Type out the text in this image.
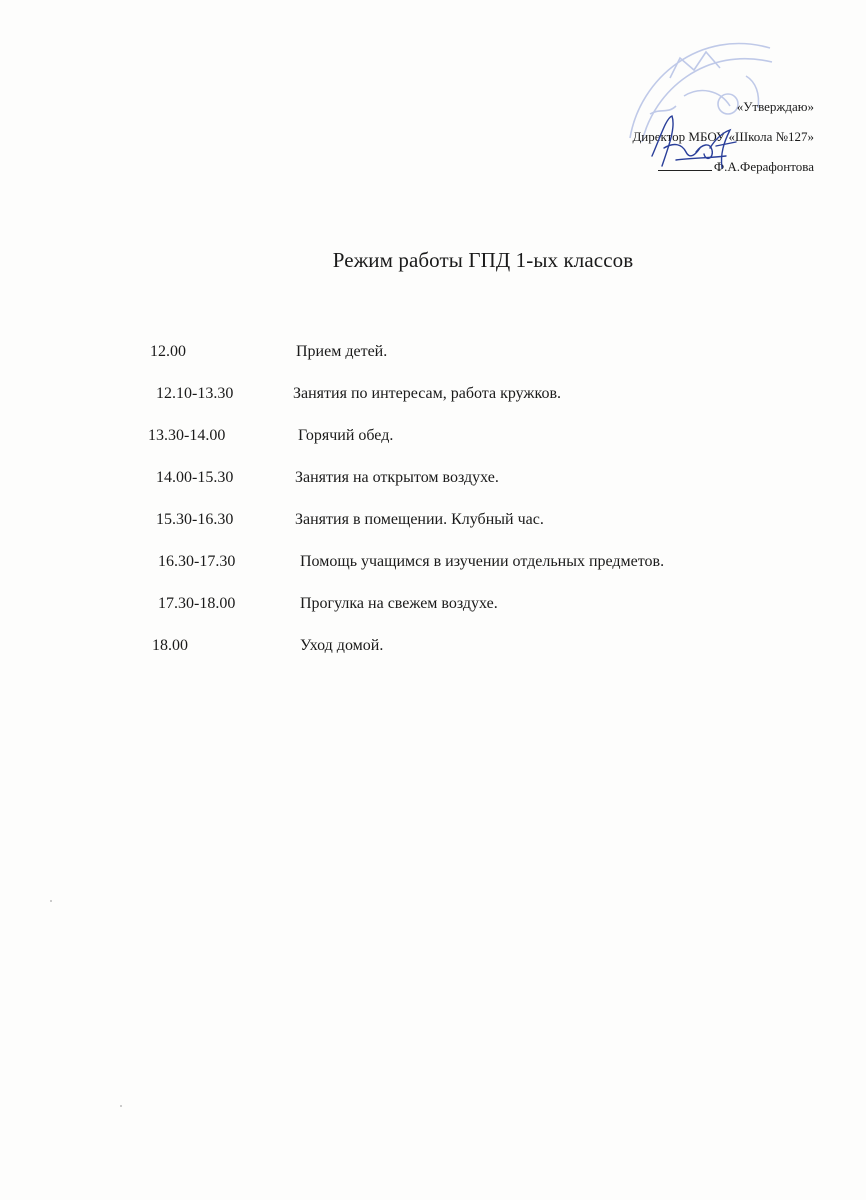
«Утверждаю»
Директор МБОУ «Школа №127»
Ф.А.Ферафонтова
Режим работы ГПД 1-ых классов
12.00	Прием детей.
12.10-13.30	Занятия по интересам, работа кружков.
13.30-14.00	Горячий обед.
14.00-15.30	Занятия на открытом воздухе.
15.30-16.30	Занятия в помещении. Клубный час.
16.30-17.30	Помощь учащимся в изучении отдельных предметов.
17.30-18.00	Прогулка на свежем воздухе.
18.00	Уход домой.
